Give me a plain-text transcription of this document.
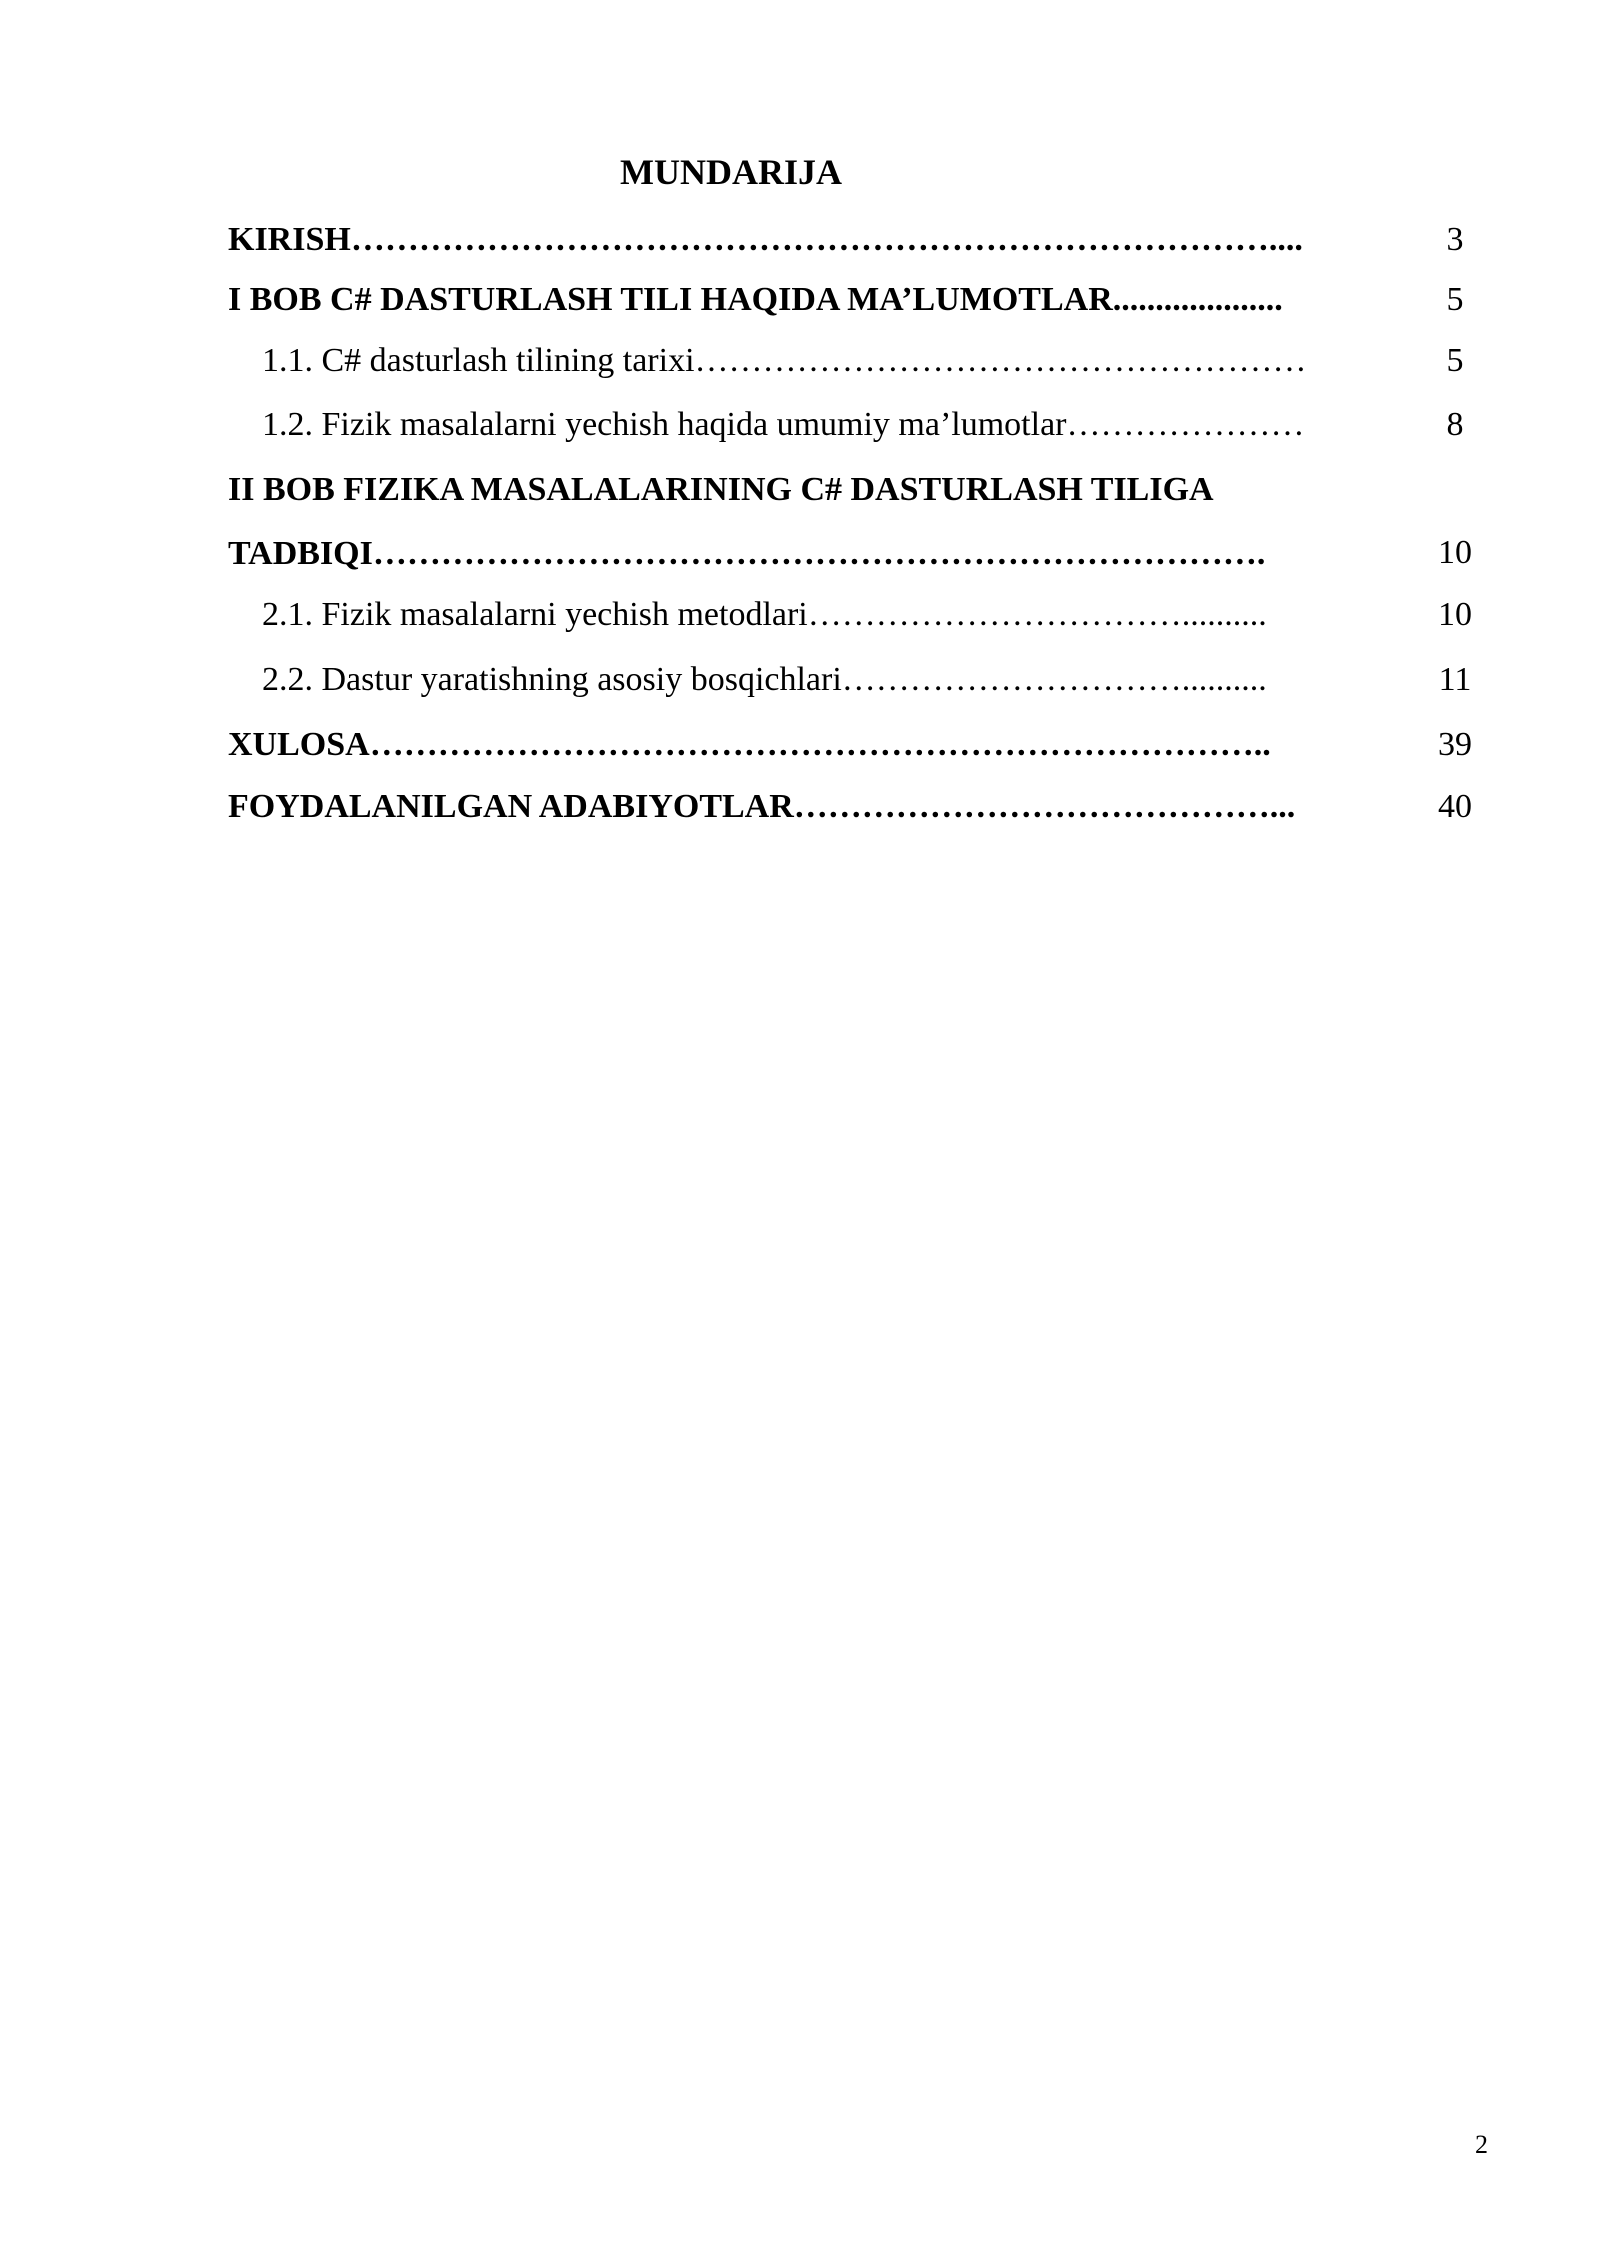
MUNDARIJA
KIRISH………………………………………………………………………....	3
I BOB C# DASTURLASH TILI HAQIDA MA’LUMOTLAR....................	5
1.1. C# dasturlash tilining tarixi………………………………………………	5
1.2. Fizik masalalarni yechish haqida umumiy ma’lumotlar…………………	8
II BOB FIZIKA MASALALARINING C# DASTURLASH TILIGA
TADBIQI…………………………………………………………………….	10
2.1. Fizik masalalarni yechish metodlari……………………………..........	10
2.2. Dastur yaratishning asosiy bosqichlari…………………………..........	11
XULOSA……………………………………………………………………..	39
FOYDALANILGAN ADABIYOTLAR……………………………………...	40
2
